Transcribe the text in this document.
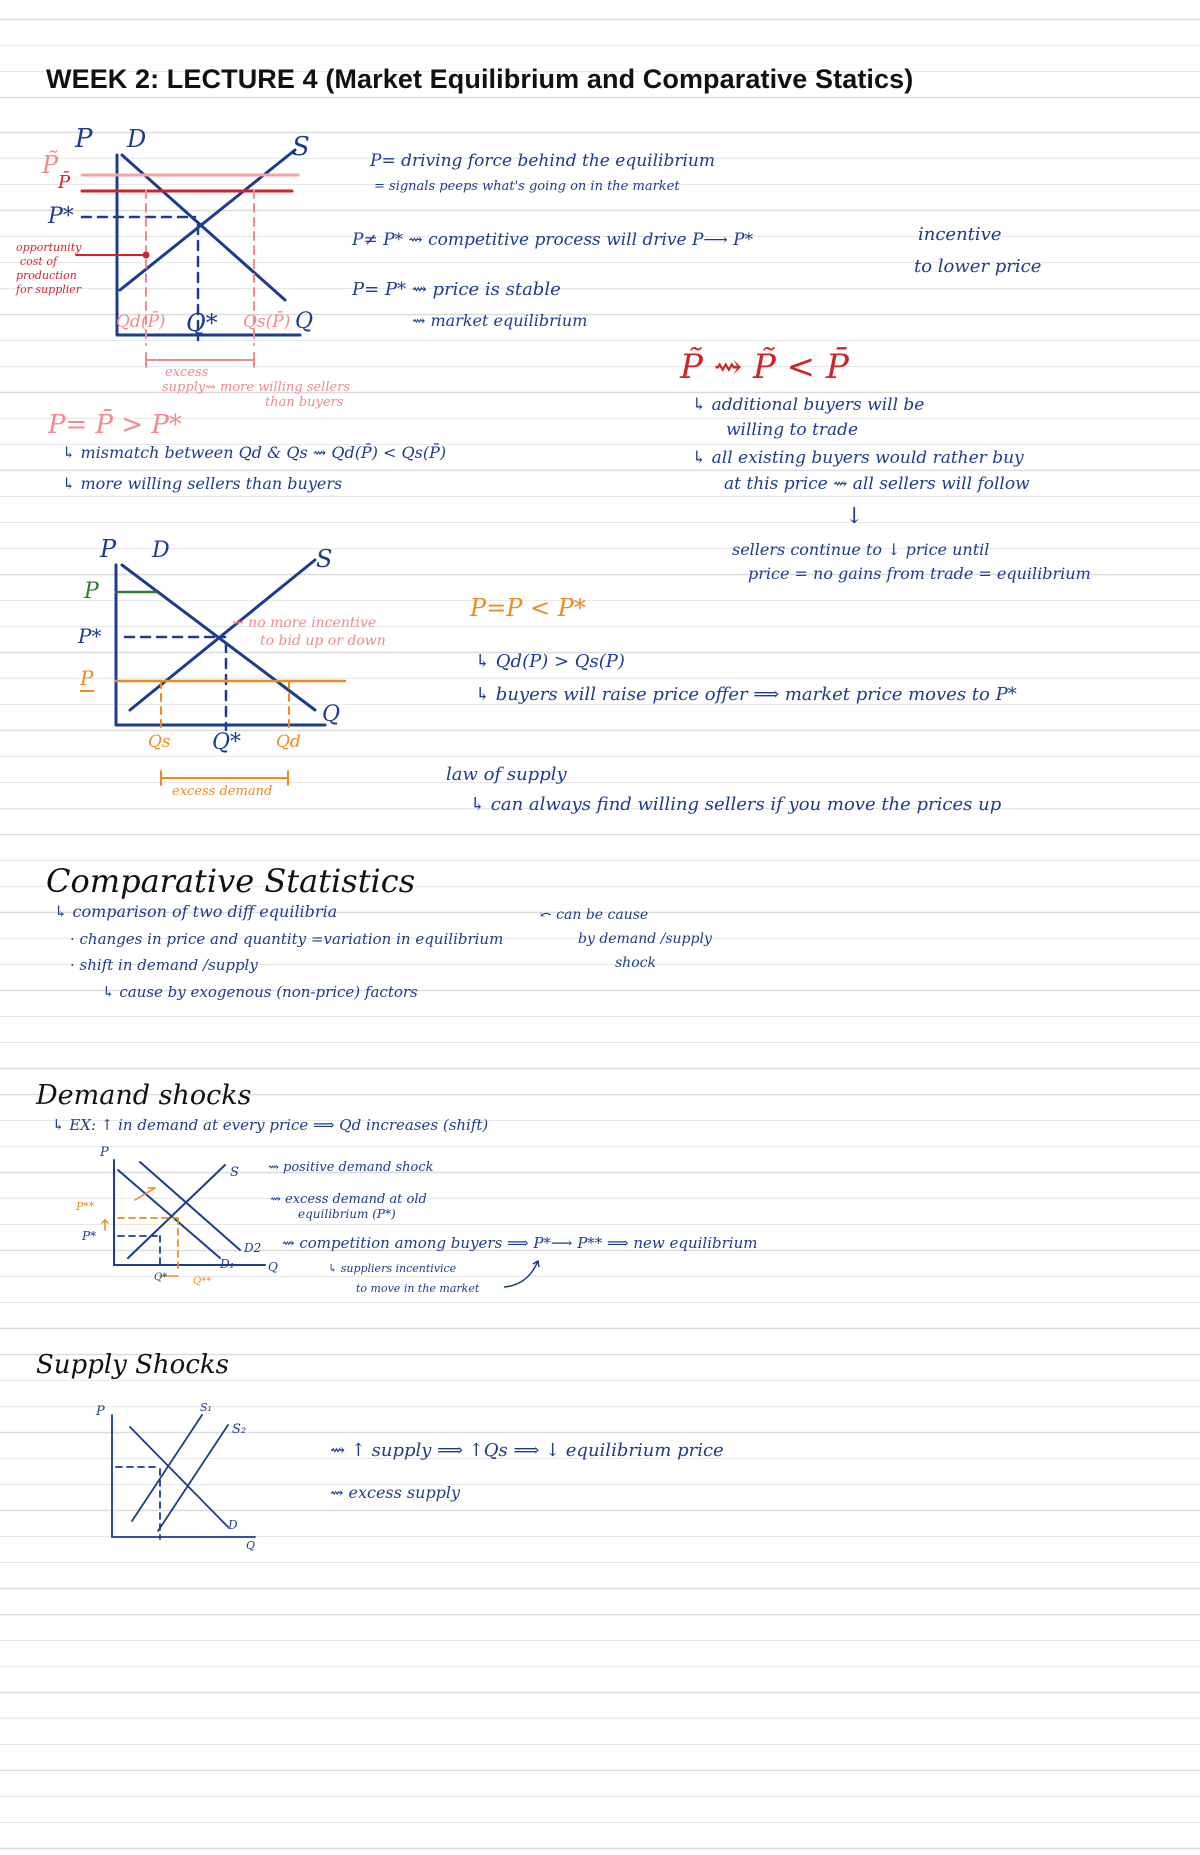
WEEK 2: LECTURE 4 (Market Equilibrium and Comparative Statics)
P D	S
Q
P̃
P̄
P*
opportunity
cost of
production
for supplier
Qd(P̄) Q* Qs(P̄)
excess supply ⇝ more willing sellers than buyers
P= driving force behind the equilibrium
= signals peeps what's going on in the market
P≠ P* ⇝ competitive process will drive P⟶ P*	incentive
to lower price
P= P* ⇝ price is stable
⇝ market equilibrium
P= P̄ > P*
↳ mismatch between Qd & Qs ⇝ Qd(P̄) < Qs(P̄)
↳ more willing sellers than buyers
P̃ ⇝ P̃ < P̄
↳ additional buyers will be
willing to trade
↳ all existing buyers would rather buy
at this price ⇝ all sellers will follow
↓
sellers continue to ↓ price until
price = no gains from trade = equilibrium
P D	S
Q
P
P*
P
Qs Q* Qd
⇝ no more incentive to bid up or down
excess demand
P=P < P*
↳ Qd(P) > Qs(P)
↳ buyers will raise price offer ⟹ market price moves to P*
law of supply
↳ can always find willing sellers if you move the prices up
Comparative Statistics
↳ comparison of two diff equilibria
· changes in price and quantity =variation in equilibrium
· shift in demand /supply
↳ cause by exogenous (non-price) factors
⤺ can be cause
by demand /supply
shock
Demand shocks
↳ EX: ↑ in demand at every price ⟹ Qd increases (shift)
P
S
D2
D₁	Q
P**
P*
Q*	Q**
⇝ positive demand shock
⇝ excess demand at old
equilibrium (P*)
⇝ competition among buyers ⟹ P*⟶ P** ⟹ new equilibrium
↳ suppliers incentivice
to move in the market
Supply Shocks
P	S₁
S₂
D
Q
⇝ ↑ supply ⟹ ↑Qs ⟹ ↓ equilibrium price
⇝ excess supply
